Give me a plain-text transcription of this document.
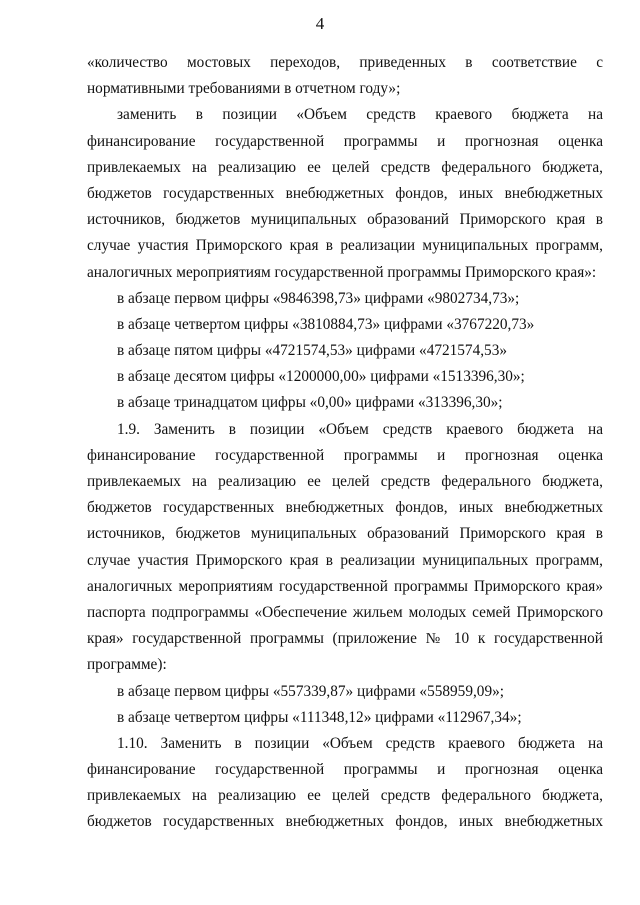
4
«количество мостовых переходов, приведенных в соответствие с
нормативными требованиями в отчетном году»;
заменить в позиции «Объем средств краевого бюджета на
финансирование государственной программы и прогнозная оценка
привлекаемых на реализацию ее целей средств федерального бюджета,
бюджетов государственных внебюджетных фондов, иных внебюджетных
источников, бюджетов муниципальных образований Приморского края в
случае участия Приморского края в реализации муниципальных программ,
аналогичных мероприятиям государственной программы Приморского края»:
в абзаце первом цифры «9846398,73» цифрами «9802734,73»;
в абзаце четвертом цифры «3810884,73» цифрами «3767220,73»
в абзаце пятом цифры «4721574,53» цифрами «4721574,53»
в абзаце десятом цифры «1200000,00» цифрами «1513396,30»;
в абзаце тринадцатом цифры «0,00» цифрами «313396,30»;
1.9. Заменить в позиции «Объем средств краевого бюджета на
финансирование государственной программы и прогнозная оценка
привлекаемых на реализацию ее целей средств федерального бюджета,
бюджетов государственных внебюджетных фондов, иных внебюджетных
источников, бюджетов муниципальных образований Приморского края в
случае участия Приморского края в реализации муниципальных программ,
аналогичных мероприятиям государственной программы Приморского края»
паспорта подпрограммы «Обеспечение жильем молодых семей Приморского
края» государственной программы (приложение № 10 к государственной
программе):
в абзаце первом цифры «557339,87» цифрами «558959,09»;
в абзаце четвертом цифры «111348,12» цифрами «112967,34»;
1.10. Заменить в позиции «Объем средств краевого бюджета на
финансирование государственной программы и прогнозная оценка
привлекаемых на реализацию ее целей средств федерального бюджета,
бюджетов государственных внебюджетных фондов, иных внебюджетных
